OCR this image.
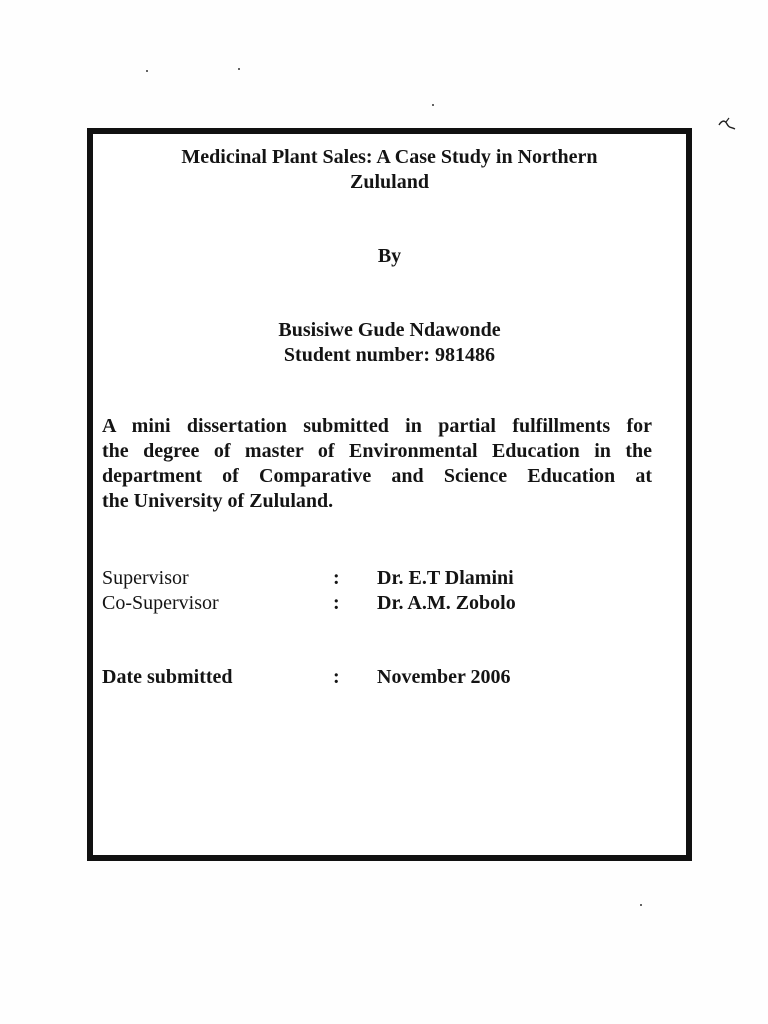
Medicinal Plant Sales: A Case Study in Northern
Zululand
By
Busisiwe Gude Ndawonde
Student number: 981486
A mini dissertation submitted in partial fulfillments for
the degree of master of Environmental Education in the
department of Comparative and Science Education at
the University of Zululand.
Supervisor	: Dr. E.T Dlamini
Co-Supervisor	: Dr. A.M. Zobolo
Date submitted	: November 2006
